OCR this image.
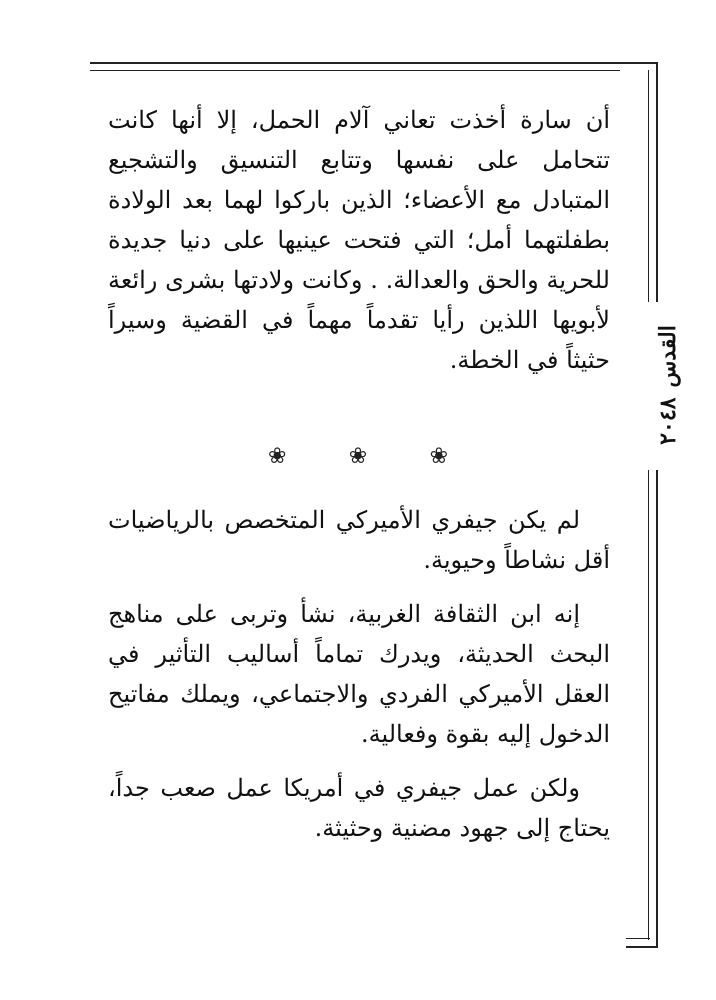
القدس
٢٠٤٨

أن سارة أخذت تعاني آلام الحمل، إلا أنها كانت تتحامل على نفسها وتتابع التنسيق والتشجيع المتبادل مع الأعضاء؛ الذين باركوا لهما بعد الولادة بطفلتهما أمل؛ التي فتحت عينيها على دنيا جديدة للحرية والحق والعدالة. . وكانت ولادتها بشرى رائعة لأبويها اللذين رأيا تقدماً مهماً في القضية وسيراً حثيثاً في الخطة.

❀	❀	❀

لم يكن جيفري الأميركي المتخصص بالرياضيات أقل نشاطاً وحيوية.

إنه ابن الثقافة الغربية، نشأ وتربى على مناهج البحث الحديثة، ويدرك تماماً أساليب التأثير في العقل الأميركي الفردي والاجتماعي، ويملك مفاتيح الدخول إليه بقوة وفعالية.

ولكن عمل جيفري في أمريكا عمل صعب جداً، يحتاج إلى جهود مضنية وحثيثة.
